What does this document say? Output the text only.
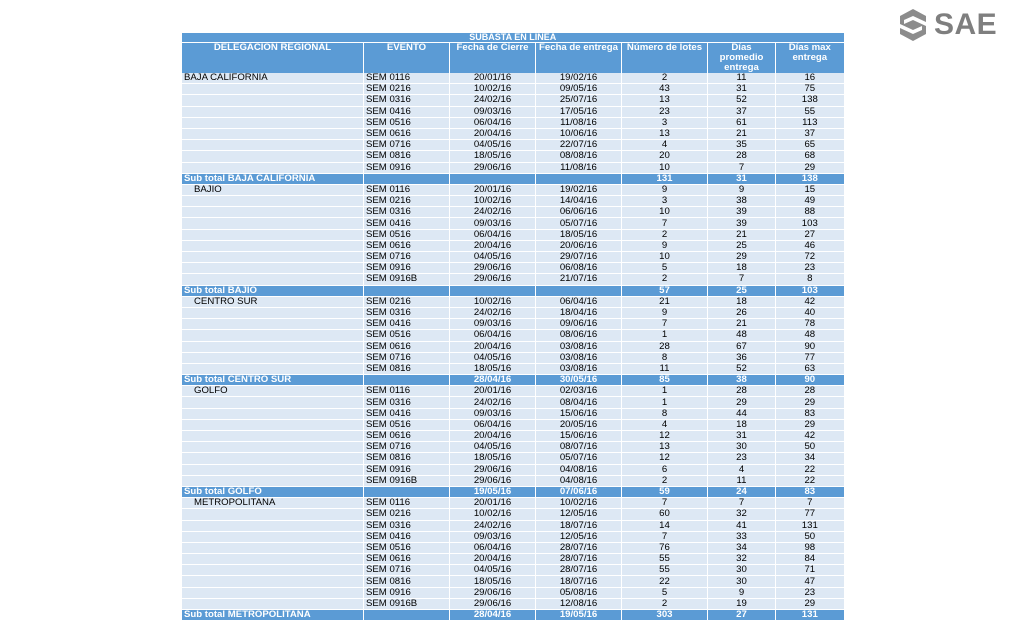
SAE
SUBASTA EN LÍNEA						
DELEGACIÓN REGIONAL	EVENTO	Fecha de Cierre	Fecha de entrega	Número de lotes	Días promedio entrega	Días max entrega
BAJA CALIFORNIA	SEM 0116	20/01/16	19/02/16	2	11	16
	SEM 0216	10/02/16	09/05/16	43	31	75
	SEM 0316	24/02/16	25/07/16	13	52	138
	SEM 0416	09/03/16	17/05/16	23	37	55
	SEM 0516	06/04/16	11/08/16	3	61	113
	SEM 0616	20/04/16	10/06/16	13	21	37
	SEM 0716	04/05/16	22/07/16	4	35	65
	SEM 0816	18/05/16	08/08/16	20	28	68
	SEM 0916	29/06/16	11/08/16	10	7	29
Sub total BAJA CALIFORNIA				131	31	138
BAJÍO	SEM 0116	20/01/16	19/02/16	9	9	15
	SEM 0216	10/02/16	14/04/16	3	38	49
	SEM 0316	24/02/16	06/06/16	10	39	88
	SEM 0416	09/03/16	05/07/16	7	39	103
	SEM 0516	06/04/16	18/05/16	2	21	27
	SEM 0616	20/04/16	20/06/16	9	25	46
	SEM 0716	04/05/16	29/07/16	10	29	72
	SEM 0916	29/06/16	06/08/16	5	18	23
	SEM 0916B	29/06/16	21/07/16	2	7	8
Sub total BAJÍO				57	25	103
CENTRO SUR	SEM 0216	10/02/16	06/04/16	21	18	42
	SEM 0316	24/02/16	18/04/16	9	26	40
	SEM 0416	09/03/16	09/06/16	7	21	78
	SEM 0516	06/04/16	08/06/16	1	48	48
	SEM 0616	20/04/16	03/08/16	28	67	90
	SEM 0716	04/05/16	03/08/16	8	36	77
	SEM 0816	18/05/16	03/08/16	11	52	63
Sub total CENTRO SUR		28/04/16	30/05/16	85	38	90
GOLFO	SEM 0116	20/01/16	02/03/16	1	28	28
	SEM 0316	24/02/16	08/04/16	1	29	29
	SEM 0416	09/03/16	15/06/16	8	44	83
	SEM 0516	06/04/16	20/05/16	4	18	29
	SEM 0616	20/04/16	15/06/16	12	31	42
	SEM 0716	04/05/16	08/07/16	13	30	50
	SEM 0816	18/05/16	05/07/16	12	23	34
	SEM 0916	29/06/16	04/08/16	6	4	22
	SEM 0916B	29/06/16	04/08/16	2	11	22
Sub total GOLFO		19/05/16	07/06/16	59	24	83
METROPOLITANA	SEM 0116	20/01/16	10/02/16	7	7	7
	SEM 0216	10/02/16	12/05/16	60	32	77
	SEM 0316	24/02/16	18/07/16	14	41	131
	SEM 0416	09/03/16	12/05/16	7	33	50
	SEM 0516	06/04/16	28/07/16	76	34	98
	SEM 0616	20/04/16	28/07/16	55	32	84
	SEM 0716	04/05/16	28/07/16	55	30	71
	SEM 0816	18/05/16	18/07/16	22	30	47
	SEM 0916	29/06/16	05/08/16	5	9	23
	SEM 0916B	29/06/16	12/08/16	2	19	29
Sub total METROPOLITANA		28/04/16	19/05/16	303	27	131
